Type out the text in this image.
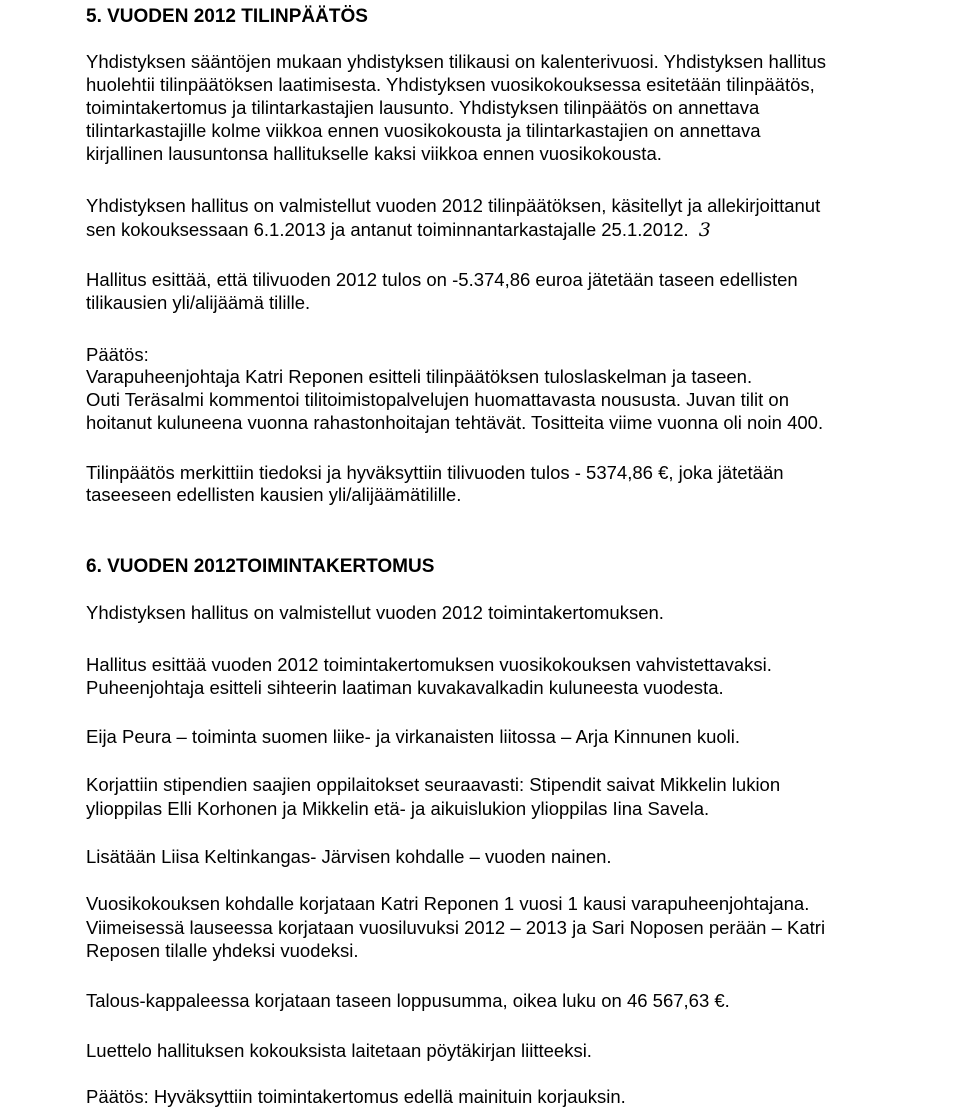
5. VUODEN 2012 TILINPÄÄTÖS

Yhdistyksen sääntöjen mukaan yhdistyksen tilikausi on kalenterivuosi. Yhdistyksen hallitus

huolehtii tilinpäätöksen laatimisesta. Yhdistyksen vuosikokouksessa esitetään tilinpäätös,

toimintakertomus ja tilintarkastajien lausunto. Yhdistyksen tilinpäätös on annettava

tilintarkastajille kolme viikkoa ennen vuosikokousta ja tilintarkastajien on annettava

kirjallinen lausuntonsa hallitukselle kaksi viikkoa ennen vuosikokousta.

Yhdistyksen hallitus on valmistellut vuoden 2012 tilinpäätöksen, käsitellyt ja allekirjoittanut

sen kokouksessaan 6.1.2013 ja antanut toiminnantarkastajalle 25.1.2012. 3

Hallitus esittää, että tilivuoden 2012 tulos on -5.374,86 euroa jätetään taseen edellisten

tilikausien yli/alijäämä tilille.

Päätös:

Varapuheenjohtaja Katri Reponen esitteli tilinpäätöksen tuloslaskelman ja taseen.

Outi Teräsalmi kommentoi tilitoimistopalvelujen huomattavasta noususta. Juvan tilit on

hoitanut kuluneena vuonna rahastonhoitajan tehtävät. Tositteita viime vuonna oli noin 400.

Tilinpäätös merkittiin tiedoksi ja hyväksyttiin tilivuoden tulos - 5374,86 €, joka jätetään

taseeseen edellisten kausien yli/alijäämätilille.

6. VUODEN 2012TOIMINTAKERTOMUS

Yhdistyksen hallitus on valmistellut vuoden 2012 toimintakertomuksen.

Hallitus esittää vuoden 2012 toimintakertomuksen vuosikokouksen vahvistettavaksi.

Puheenjohtaja esitteli sihteerin laatiman kuvakavalkadin kuluneesta vuodesta.

Eija Peura – toiminta suomen liike- ja virkanaisten liitossa – Arja Kinnunen kuoli.

Korjattiin stipendien saajien oppilaitokset seuraavasti: Stipendit saivat Mikkelin lukion

ylioppilas Elli Korhonen ja Mikkelin etä- ja aikuislukion ylioppilas Iina Savela.

Lisätään Liisa Keltinkangas- Järvisen kohdalle – vuoden nainen.

Vuosikokouksen kohdalle korjataan Katri Reponen 1 vuosi 1 kausi varapuheenjohtajana.

Viimeisessä lauseessa korjataan vuosiluvuksi 2012 – 2013 ja Sari Noposen perään – Katri

Reposen tilalle yhdeksi vuodeksi.

Talous-kappaleessa korjataan taseen loppusumma, oikea luku on 46 567,63 €.

Luettelo hallituksen kokouksista laitetaan pöytäkirjan liitteeksi.

Päätös: Hyväksyttiin toimintakertomus edellä mainituin korjauksin.
